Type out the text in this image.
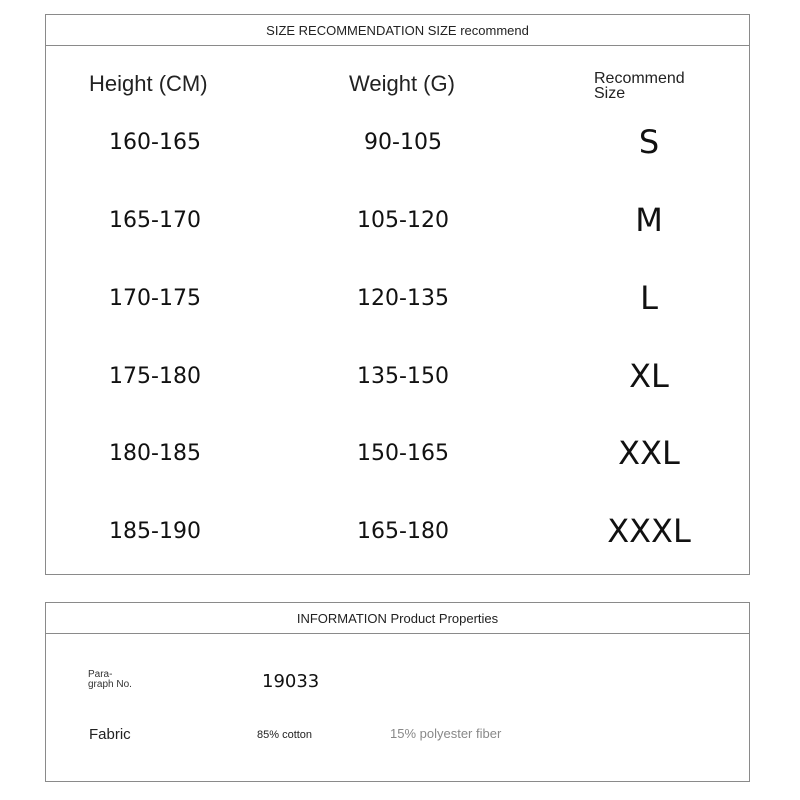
SIZE RECOMMENDATION SIZE recommend
Height (CM)	Weight (G)	Recommend
Size
160-165	90-105	S
165-170	105-120	M
170-175	120-135	L
175-180	135-150	XL
180-185	150-165	XXL
185-190	165-180	XXXL
INFORMATION Product Properties
Para-
graph No.	19033
Fabric	85% cotton	15% polyester fiber
